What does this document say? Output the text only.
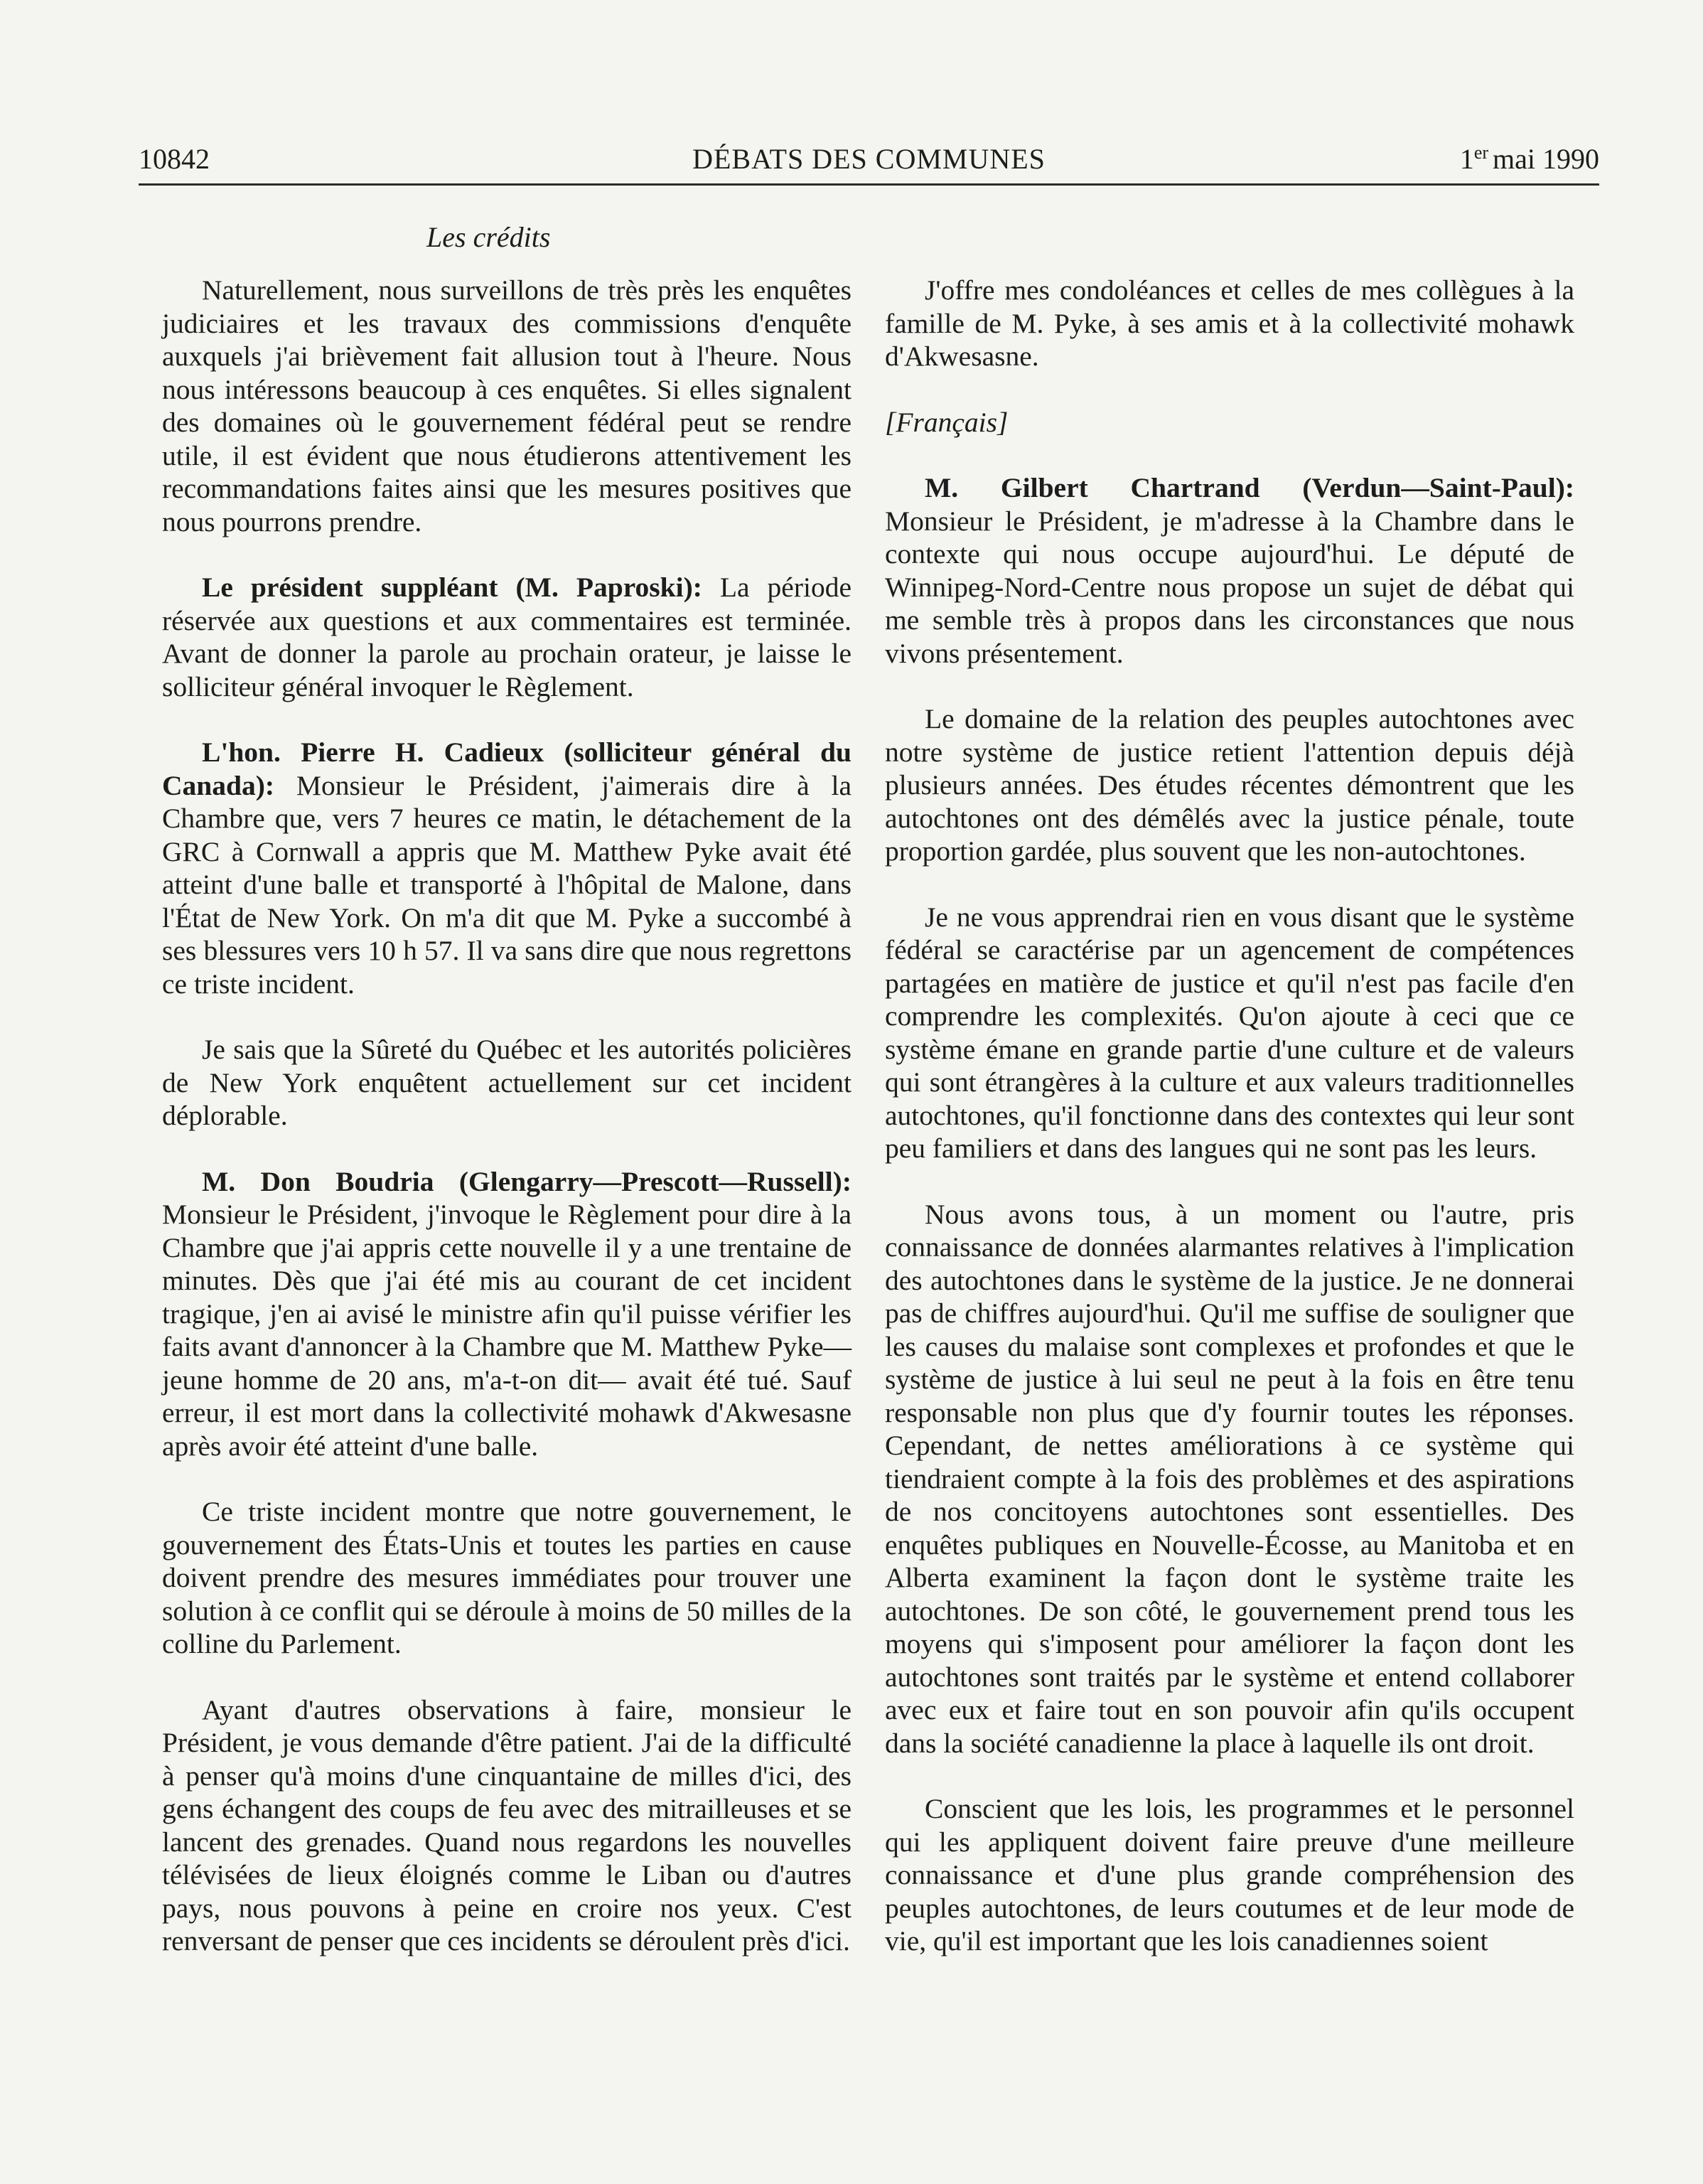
10842	DÉBATS DES COMMUNES	1er mai 1990
Les crédits

Naturellement, nous surveillons de très près les enquêtes judiciaires et les travaux des commissions d'enquête auxquels j'ai brièvement fait allusion tout à l'heure. Nous nous intéressons beaucoup à ces enquêtes. Si elles signalent des domaines où le gouvernement fédéral peut se rendre utile, il est évident que nous étudierons attentivement les recommandations faites ainsi que les mesures positives que nous pourrons prendre.

Le président suppléant (M. Paproski): La période réservée aux questions et aux commentaires est terminée. Avant de donner la parole au prochain orateur, je laisse le solliciteur général invoquer le Règlement.

L'hon. Pierre H. Cadieux (solliciteur général du Canada): Monsieur le Président, j'aimerais dire à la Chambre que, vers 7 heures ce matin, le détachement de la GRC à Cornwall a appris que M. Matthew Pyke avait été atteint d'une balle et transporté à l'hôpital de Malone, dans l'État de New York. On m'a dit que M. Pyke a succombé à ses blessures vers 10 h 57. Il va sans dire que nous regrettons ce triste incident.

Je sais que la Sûreté du Québec et les autorités policières de New York enquêtent actuellement sur cet incident déplorable.

M. Don Boudria (Glengarry—Prescott—Russell): Monsieur le Président, j'invoque le Règlement pour dire à la Chambre que j'ai appris cette nouvelle il y a une trentaine de minutes. Dès que j'ai été mis au courant de cet incident tragique, j'en ai avisé le ministre afin qu'il puisse vérifier les faits avant d'annoncer à la Chambre que M. Matthew Pyke—jeune homme de 20 ans, m'a-t-on dit— avait été tué. Sauf erreur, il est mort dans la collectivité mohawk d'Akwesasne après avoir été atteint d'une balle.

Ce triste incident montre que notre gouvernement, le gouvernement des États-Unis et toutes les parties en cause doivent prendre des mesures immédiates pour trouver une solution à ce conflit qui se déroule à moins de 50 milles de la colline du Parlement.

Ayant d'autres observations à faire, monsieur le Président, je vous demande d'être patient. J'ai de la difficulté à penser qu'à moins d'une cinquantaine de milles d'ici, des gens échangent des coups de feu avec des mitrailleuses et se lancent des grenades. Quand nous regardons les nouvelles télévisées de lieux éloignés comme le Liban ou d'autres pays, nous pouvons à peine en croire nos yeux. C'est renversant de penser que ces incidents se déroulent près d'ici.

J'offre mes condoléances et celles de mes collègues à la famille de M. Pyke, à ses amis et à la collectivité mohawk d'Akwesasne.

[Français]

M. Gilbert Chartrand (Verdun—Saint-Paul): Monsieur le Président, je m'adresse à la Chambre dans le contexte qui nous occupe aujourd'hui. Le député de Winnipeg-Nord-Centre nous propose un sujet de débat qui me semble très à propos dans les circonstances que nous vivons présentement.

Le domaine de la relation des peuples autochtones avec notre système de justice retient l'attention depuis déjà plusieurs années. Des études récentes démontrent que les autochtones ont des démêlés avec la justice pénale, toute proportion gardée, plus souvent que les non-autochtones.

Je ne vous apprendrai rien en vous disant que le système fédéral se caractérise par un agencement de compétences partagées en matière de justice et qu'il n'est pas facile d'en comprendre les complexités. Qu'on ajoute à ceci que ce système émane en grande partie d'une culture et de valeurs qui sont étrangères à la culture et aux valeurs traditionnelles autochtones, qu'il fonctionne dans des contextes qui leur sont peu familiers et dans des langues qui ne sont pas les leurs.

Nous avons tous, à un moment ou l'autre, pris connaissance de données alarmantes relatives à l'implication des autochtones dans le système de la justice. Je ne donnerai pas de chiffres aujourd'hui. Qu'il me suffise de souligner que les causes du malaise sont complexes et profondes et que le système de justice à lui seul ne peut à la fois en être tenu responsable non plus que d'y fournir toutes les réponses. Cependant, de nettes améliorations à ce système qui tiendraient compte à la fois des problèmes et des aspirations de nos concitoyens autochtones sont essentielles. Des enquêtes publiques en Nouvelle-Écosse, au Manitoba et en Alberta examinent la façon dont le système traite les autochtones. De son côté, le gouvernement prend tous les moyens qui s'imposent pour améliorer la façon dont les autochtones sont traités par le système et entend collaborer avec eux et faire tout en son pouvoir afin qu'ils occupent dans la société canadienne la place à laquelle ils ont droit.

Conscient que les lois, les programmes et le personnel qui les appliquent doivent faire preuve d'une meilleure connaissance et d'une plus grande compréhension des peuples autochtones, de leurs coutumes et de leur mode de vie, qu'il est important que les lois canadiennes soient
